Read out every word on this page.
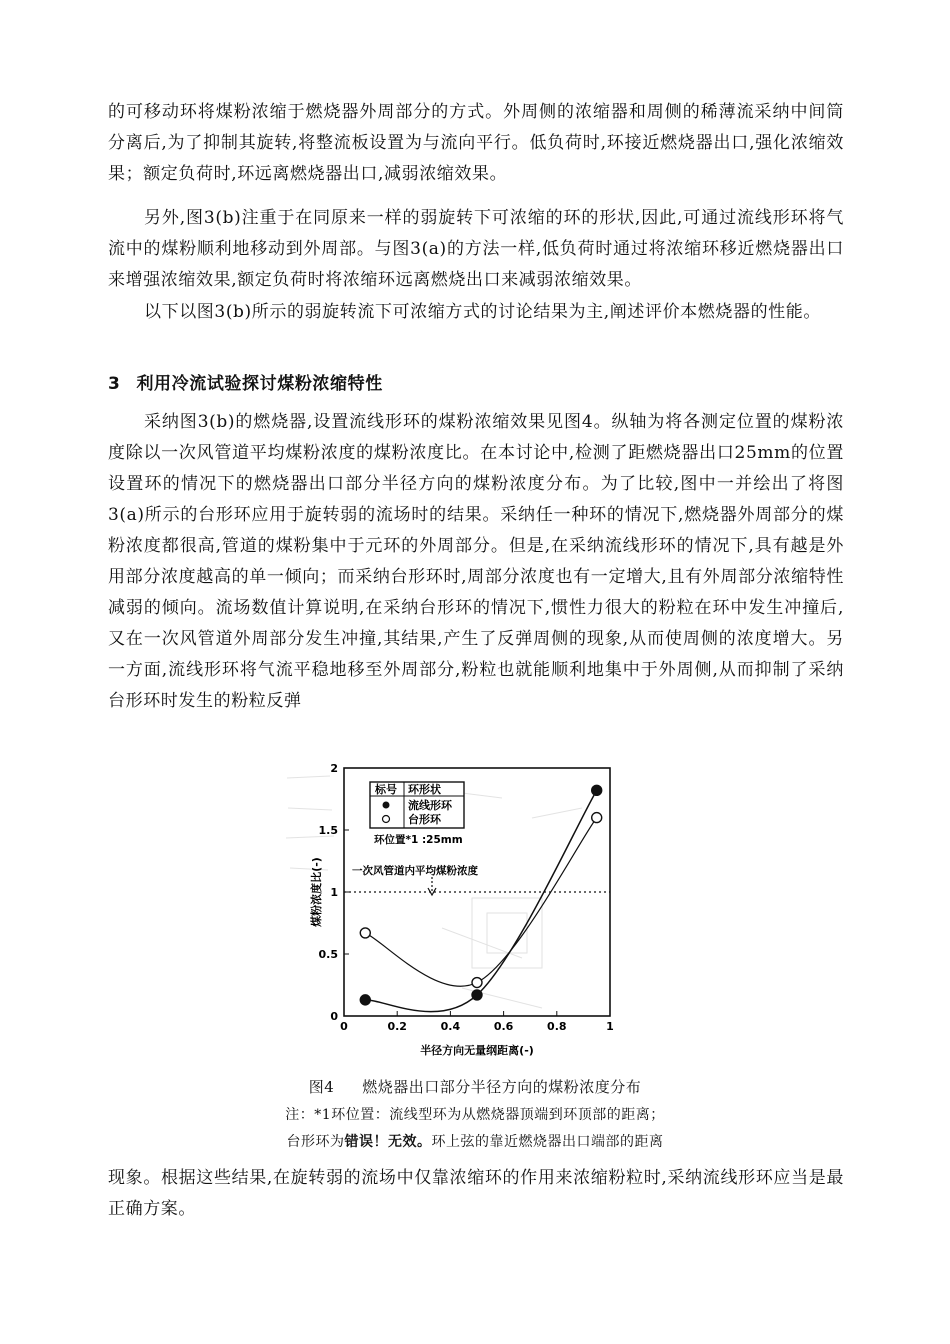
的可移动环将煤粉浓缩于燃烧器外周部分的方式。外周侧的浓缩器和周侧的稀薄流采纳中间筒分离后,为了抑制其旋转,将整流板设置为与流向平行。低负荷时,环接近燃烧器出口,强化浓缩效果；额定负荷时,环远离燃烧器出口,减弱浓缩效果。

另外,图3(b)注重于在同原来一样的弱旋转下可浓缩的环的形状,因此,可通过流线形环将气流中的煤粉顺利地移动到外周部。与图3(a)的方法一样,低负荷时通过将浓缩环移近燃烧器出口来增强浓缩效果,额定负荷时将浓缩环远离燃烧出口来减弱浓缩效果。

以下以图3(b)所示的弱旋转流下可浓缩方式的讨论结果为主,阐述评价本燃烧器的性能。

3 利用冷流试验探讨煤粉浓缩特性

采纳图3(b)的燃烧器,设置流线形环的煤粉浓缩效果见图4。纵轴为将各测定位置的煤粉浓度除以一次风管道平均煤粉浓度的煤粉浓度比。在本讨论中,检测了距燃烧器出口25mm的位置设置环的情况下的燃烧器出口部分半径方向的煤粉浓度分布。为了比较,图中一并绘出了将图3(a)所示的台形环应用于旋转弱的流场时的结果。采纳任一种环的情况下,燃烧器外周部分的煤粉浓度都很高,管道的煤粉集中于元环的外周部分。但是,在采纳流线形环的情况下,具有越是外用部分浓度越高的单一倾向；而采纳台形环时,周部分浓度也有一定增大,且有外周部分浓缩特性减弱的倾向。流场数值计算说明,在采纳台形环的情况下,惯性力很大的粉粒在环中发生冲撞后,又在一次风管道外周部分发生冲撞,其结果,产生了反弹周侧的现象,从而使周侧的浓度增大。另一方面,流线形环将气流平稳地移至外周部分,粉粒也就能顺利地集中于外周侧,从而抑制了采纳台形环时发生的粉粒反弹

0	0.2	0.4	0.6	0.8	1
0
0.5
1
1.5
2
标号 环形状
流线形环
台形环
环位置*1 :25mm
一次风管道内平均煤粉浓度
煤粉浓度比(-)
半径方向无量纲距离(-)
图4 燃烧器出口部分半径方向的煤粉浓度分布
注：*1环位置：流线型环为从燃烧器顶端到环顶部的距离；
台形环为错误！无效。环上弦的靠近燃烧器出口端部的距离

现象。根据这些结果,在旋转弱的流场中仅靠浓缩环的作用来浓缩粉粒时,采纳流线形环应当是最正确方案。
